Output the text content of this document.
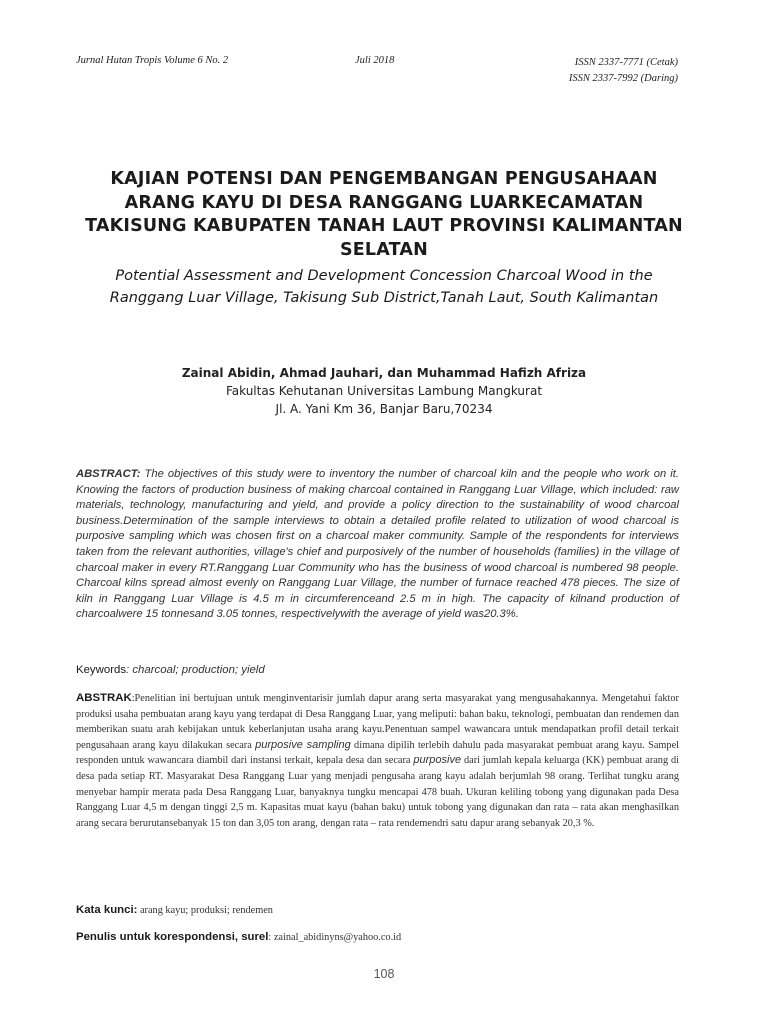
Jurnal Hutan Tropis Volume 6 No. 2	Juli 2018	ISSN 2337-7771 (Cetak)
ISSN 2337-7992 (Daring)
KAJIAN POTENSI DAN PENGEMBANGAN PENGUSAHAAN
ARANG KAYU DI DESA RANGGANG LUARKECAMATAN
TAKISUNG KABUPATEN TANAH LAUT PROVINSI KALIMANTAN
SELATAN
Potential Assessment and Development Concession Charcoal Wood in the
Ranggang Luar Village, Takisung Sub District,Tanah Laut, South Kalimantan
Zainal Abidin, Ahmad Jauhari, dan Muhammad Hafizh Afriza
Fakultas Kehutanan Universitas Lambung Mangkurat
Jl. A. Yani Km 36, Banjar Baru,70234
ABSTRACT: The objectives of this study were to inventory the number of charcoal kiln and the people who work on it. Knowing the factors of production business of making charcoal contained in Ranggang Luar Village, which included: raw materials, technology, manufacturing and yield, and provide a policy direction to the sustainability of wood charcoal business.Determination of the sample interviews to obtain a detailed profile related to utilization of wood charcoal is purposive sampling which was chosen first on a charcoal maker community. Sample of the respondents for interviews taken from the relevant authorities, village's chief and purposively of the number of households (families) in the village of charcoal maker in every RT.Ranggang Luar Community who has the business of wood charcoal is numbered 98 people. Charcoal kilns spread almost evenly on Ranggang Luar Village, the number of furnace reached 478 pieces. The size of kiln in Ranggang Luar Village is 4.5 m in circumferenceand 2.5 m in high. The capacity of kilnand production of charcoalwere 15 tonnesand 3.05 tonnes, respectivelywith the average of yield was20.3%.
Keywords: charcoal; production; yield
ABSTRAK:Penelitian ini bertujuan untuk menginventarisir jumlah dapur arang serta masyarakat yang mengusahakannya. Mengetahui faktor produksi usaha pembuatan arang kayu yang terdapat di Desa Ranggang Luar, yang meliputi: bahan baku, teknologi, pembuatan dan rendemen dan memberikan suatu arah kebijakan untuk keberlanjutan usaha arang kayu.Penentuan sampel wawancara untuk mendapatkan profil detail terkait pengusahaan arang kayu dilakukan secara purposive sampling dimana dipilih terlebih dahulu pada masyarakat pembuat arang kayu. Sampel responden untuk wawancara diambil dari instansi terkait, kepala desa dan secara purposive dari jumlah kepala keluarga (KK) pembuat arang di desa pada setiap RT. Masyarakat Desa Ranggang Luar yang menjadi pengusaha arang kayu adalah berjumlah 98 orang. Terlihat tungku arang menyebar hampir merata pada Desa Ranggang Luar, banyaknya tungku mencapai 478 buah. Ukuran keliling tobong yang digunakan pada Desa Ranggang Luar 4,5 m dengan tinggi 2,5 m. Kapasitas muat kayu (bahan baku) untuk tobong yang digunakan dan rata – rata akan menghasilkan arang secara berurutansebanyak 15 ton dan 3,05 ton arang, dengan rata – rata rendemendri satu dapur arang sebanyak 20,3 %.
Kata kunci: arang kayu; produksi; rendemen
Penulis untuk korespondensi, surel: zainal_abidinyns@yahoo.co.id
108
